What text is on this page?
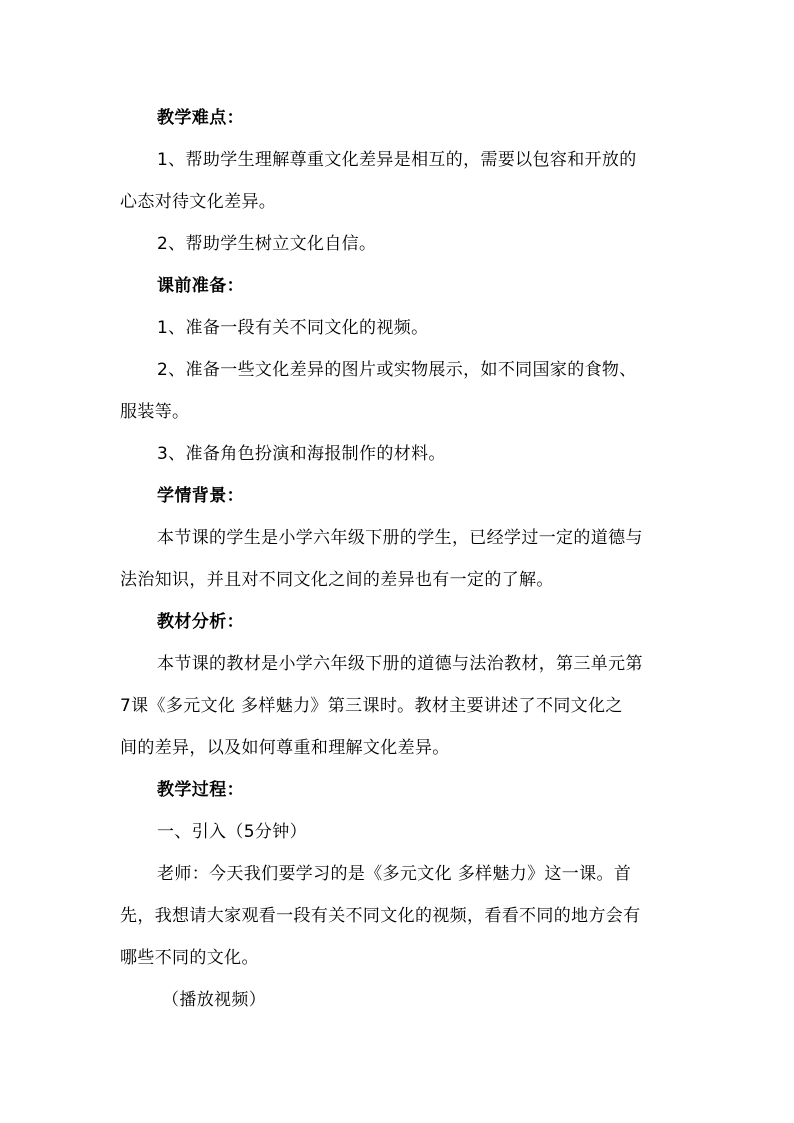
教学难点：
1、帮助学生理解尊重文化差异是相互的，需要以包容和开放的
心态对待文化差异。
2、帮助学生树立文化自信。
课前准备：
1、准备一段有关不同文化的视频。
2、准备一些文化差异的图片或实物展示，如不同国家的食物、
服装等。
3、准备角色扮演和海报制作的材料。
学情背景：
本节课的学生是小学六年级下册的学生，已经学过一定的道德与
法治知识，并且对不同文化之间的差异也有一定的了解。
教材分析：
本节课的教材是小学六年级下册的道德与法治教材，第三单元第
7课《多元文化 多样魅力》第三课时。教材主要讲述了不同文化之
间的差异，以及如何尊重和理解文化差异。
教学过程：
一、引入（5分钟）
老师：今天我们要学习的是《多元文化 多样魅力》这一课。首
先，我想请大家观看一段有关不同文化的视频，看看不同的地方会有
哪些不同的文化。
（播放视频）
